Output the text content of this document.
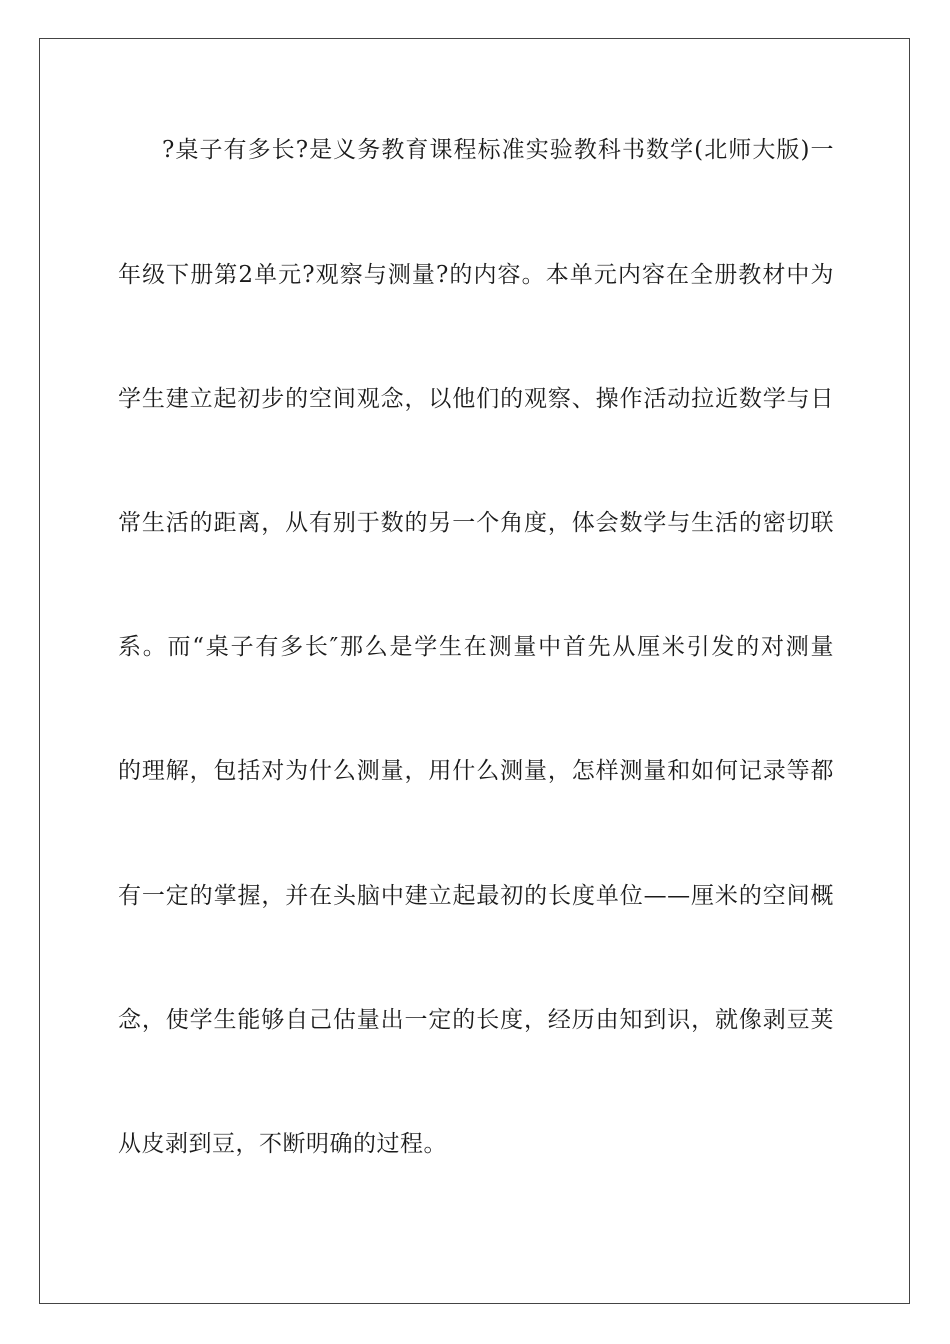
?桌子有多长?是义务教育课程标准实验教科书数学(北师大版)一
年级下册第2单元?观察与测量?的内容。本单元内容在全册教材中为
学生建立起初步的空间观念，以他们的观察、操作活动拉近数学与日
常生活的距离，从有别于数的另一个角度，体会数学与生活的密切联
系。而“桌子有多长″那么是学生在测量中首先从厘米引发的对测量
的理解，包括对为什么测量，用什么测量，怎样测量和如何记录等都
有一定的掌握，并在头脑中建立起最初的长度单位——厘米的空间概
念，使学生能够自己估量出一定的长度，经历由知到识，就像剥豆荚
从皮剥到豆，不断明确的过程。
